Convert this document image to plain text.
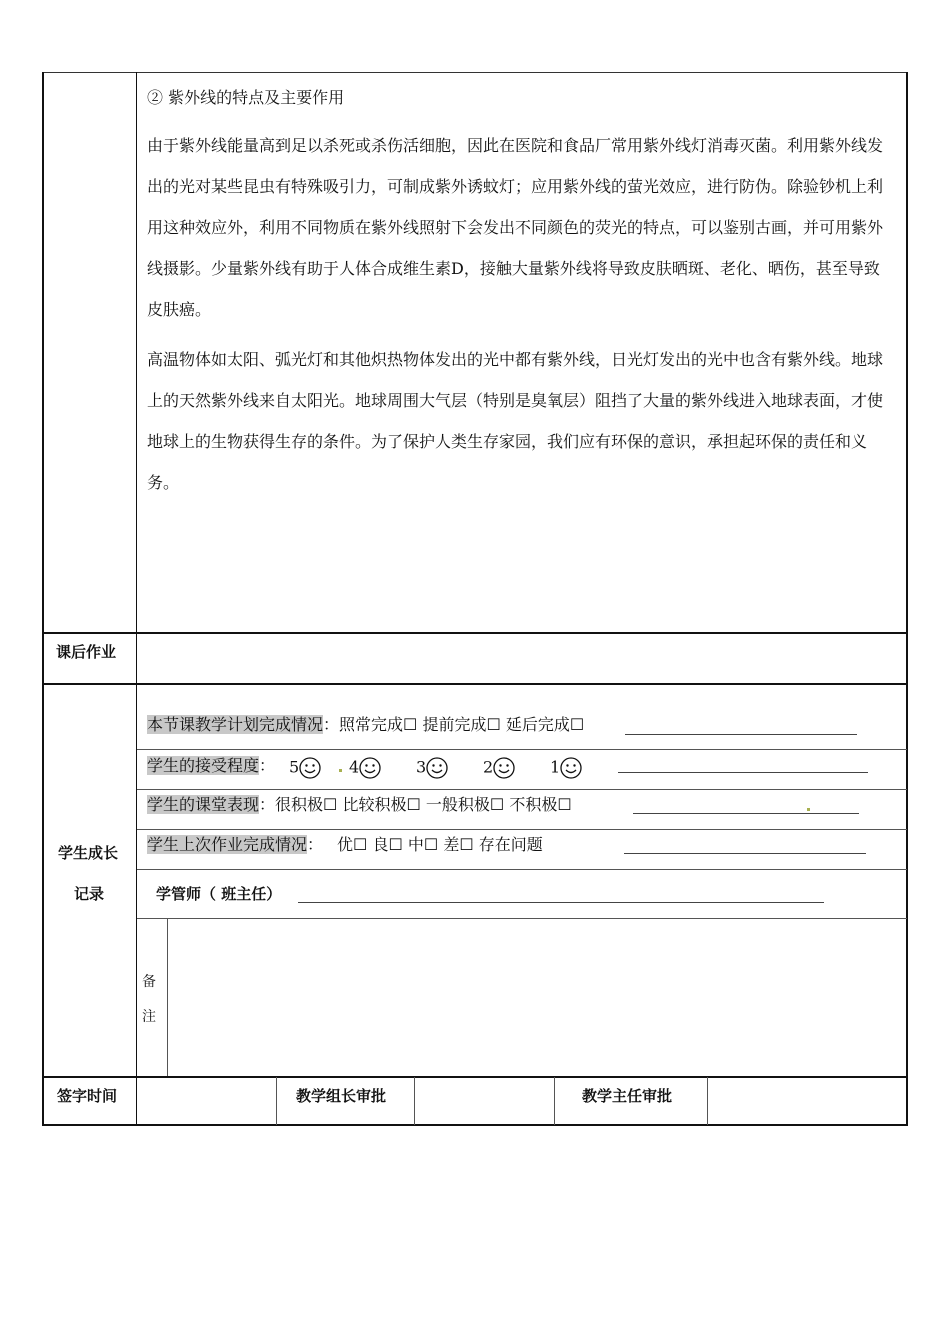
② 紫外线的特点及主要作用

由于紫外线能量高到足以杀死或杀伤活细胞，因此在医院和食品厂常用紫外线灯消毒灭菌。利用紫外线发出的光对某些昆虫有特殊吸引力，可制成紫外诱蚊灯；应用紫外线的萤光效应，进行防伪。除验钞机上利用这种效应外，利用不同物质在紫外线照射下会发出不同颜色的荧光的特点，可以鉴别古画，并可用紫外线摄影。少量紫外线有助于人体合成维生素D，接触大量紫外线将导致皮肤晒斑、老化、晒伤，甚至导致皮肤癌。

高温物体如太阳、弧光灯和其他炽热物体发出的光中都有紫外线，日光灯发出的光中也含有紫外线。地球上的天然紫外线来自太阳光。地球周围大气层（特别是臭氧层）阻挡了大量的紫外线进入地球表面，才使地球上的生物获得生存的条件。为了保护人类生存家园，我们应有环保的意识，承担起环保的责任和义务。

课后作业
学生成长
记录
本节课教学计划完成情况：照常完成☐ 提前完成☐ 延后完成☐
学生的接受程度： 5	4	3	2	1
学生的课堂表现：很积极☐ 比较积极☐ 一般积极☐ 不积极☐
学生上次作业完成情况： 优☐ 良☐ 中☐ 差☐ 存在问题
学管师（ 班主任）
备
注
签字时间	教学组长审批	教学主任审批
